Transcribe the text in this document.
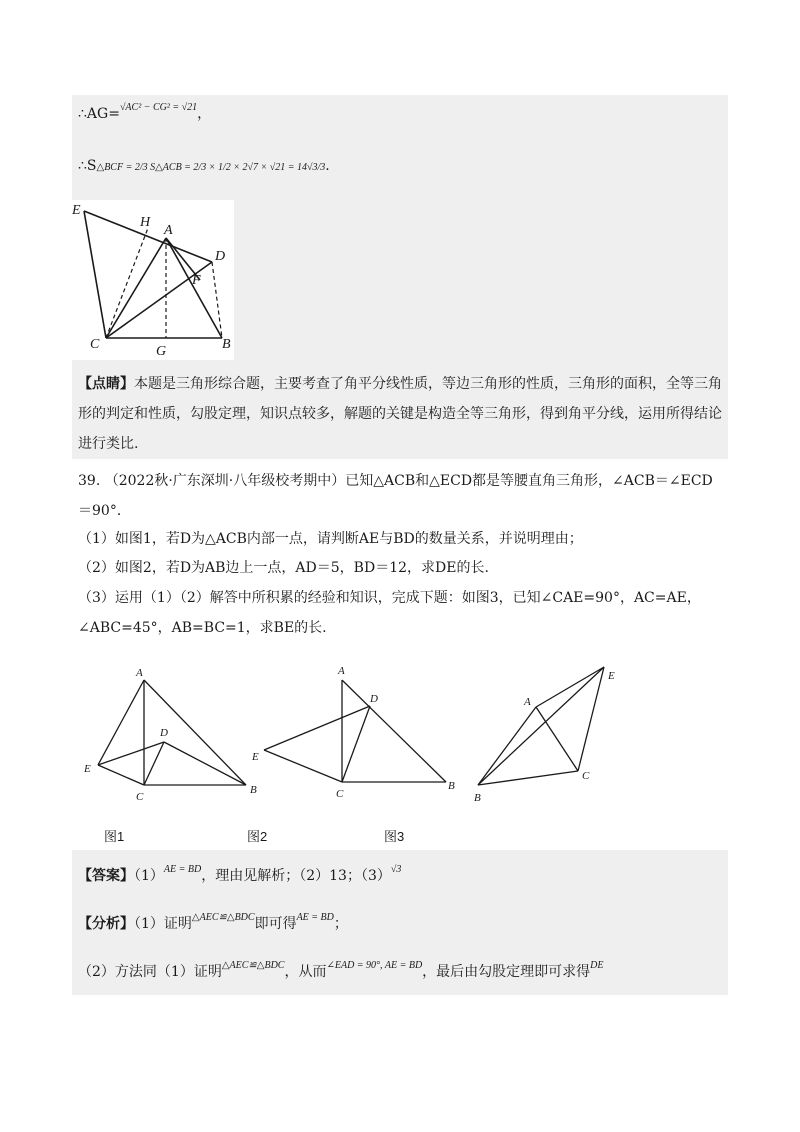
∴AG=$^{√AC^2 - CG^2 = √21}$，
∴S△BCF = 2/3 S△ACB = 2/3 × 1/2 × 2√7 × √21 = 14√3/3.
E
H
A
D
F
C	G	B
【点睛】本题是三角形综合题，主要考查了角平分线性质，等边三角形的性质，三角形的面积，全等三角形的判定和性质，勾股定理，知识点较多，解题的关键是构造全等三角形，得到角平分线，运用所得结论进行类比.
39. （2022秋·广东深圳·八年级校考期中）已知△ACB和△ECD都是等腰直角三角形，∠ACB＝∠ECD＝90°．
（1）如图1，若D为△ACB内部一点，请判断AE与BD的数量关系，并说明理由；
（2）如图2，若D为AB边上一点，AD＝5，BD＝12，求DE的长.
（3）运用（1）（2）解答中所积累的经验和知识，完成下题：如图3，已知∠CAE=90°，AC=AE，
∠ABC=45°，AB=BC=1，求BE的长.
A
D
E
C
B
A
D
E
C
B
E
A
C
B
图1	图2	图3
【答案】$(1)^{AE = BD}$，理由见解析；（2）13；$(3)^{√3}$
【分析】（1）证明$^{\triangle AEC≌\triangle BDC}$即可得$^{AE = BD}$；
（2）方法同（1）证明$^{\triangle AEC≌\triangle BDC}$，从而$^{\angle EAD = 90^\circ, AE = BD}$，最后由勾股定理即可求得$^{DE}$
